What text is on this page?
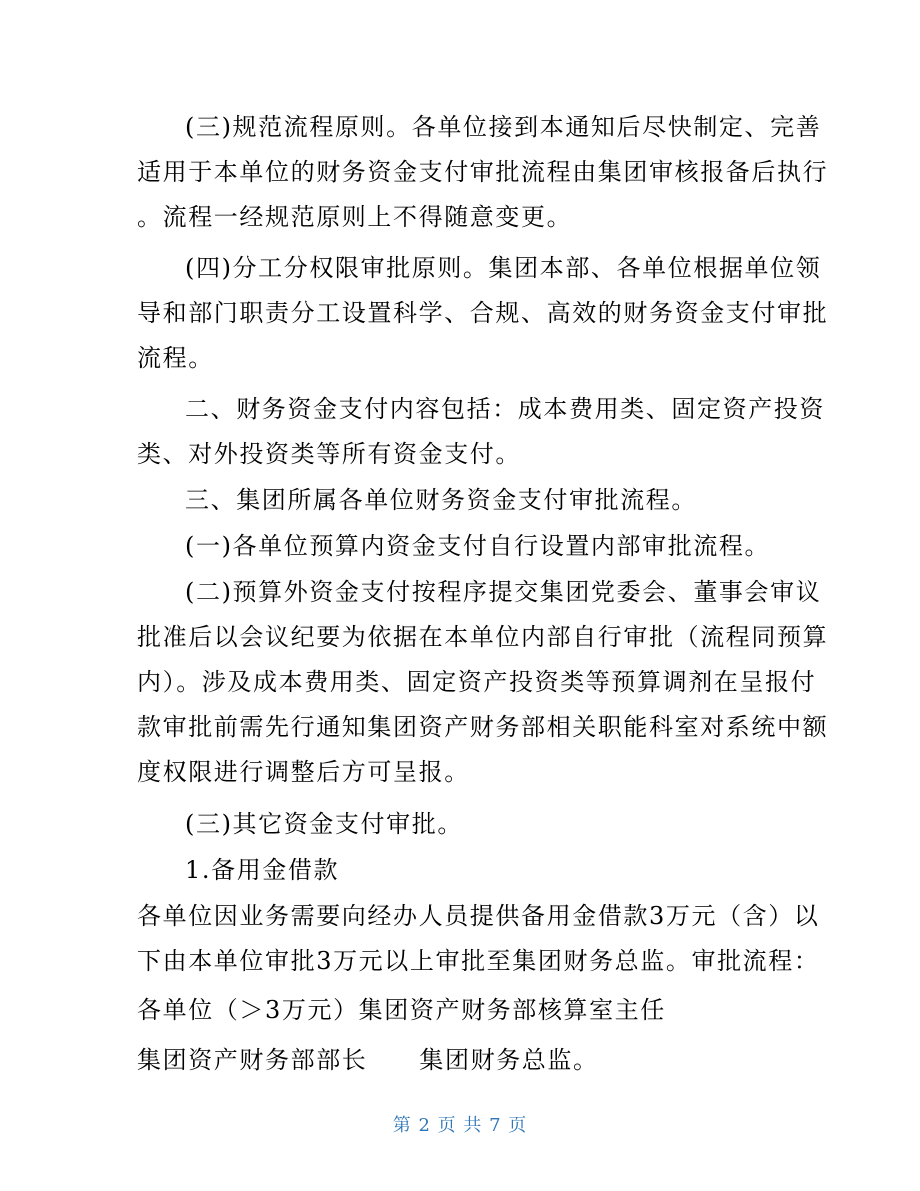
(三)规范流程原则。各单位接到本通知后尽快制定、完善
适用于本单位的财务资金支付审批流程由集团审核报备后执行
。流程一经规范原则上不得随意变更。
(四)分工分权限审批原则。集团本部、各单位根据单位领
导和部门职责分工设置科学、合规、高效的财务资金支付审批
流程。
二、财务资金支付内容包括：成本费用类、固定资产投资
类、对外投资类等所有资金支付。
三、集团所属各单位财务资金支付审批流程。
(一)各单位预算内资金支付自行设置内部审批流程。
(二)预算外资金支付按程序提交集团党委会、董事会审议
批准后以会议纪要为依据在本单位内部自行审批（流程同预算
内）。涉及成本费用类、固定资产投资类等预算调剂在呈报付
款审批前需先行通知集团资产财务部相关职能科室对系统中额
度权限进行调整后方可呈报。
(三)其它资金支付审批。
1.备用金借款
各单位因业务需要向经办人员提供备用金借款3万元（含）以
下由本单位审批3万元以上审批至集团财务总监。审批流程：
各单位（＞3万元）集团资产财务部核算室主任
集团资产财务部部长 集团财务总监。
第 2 页 共 7 页
